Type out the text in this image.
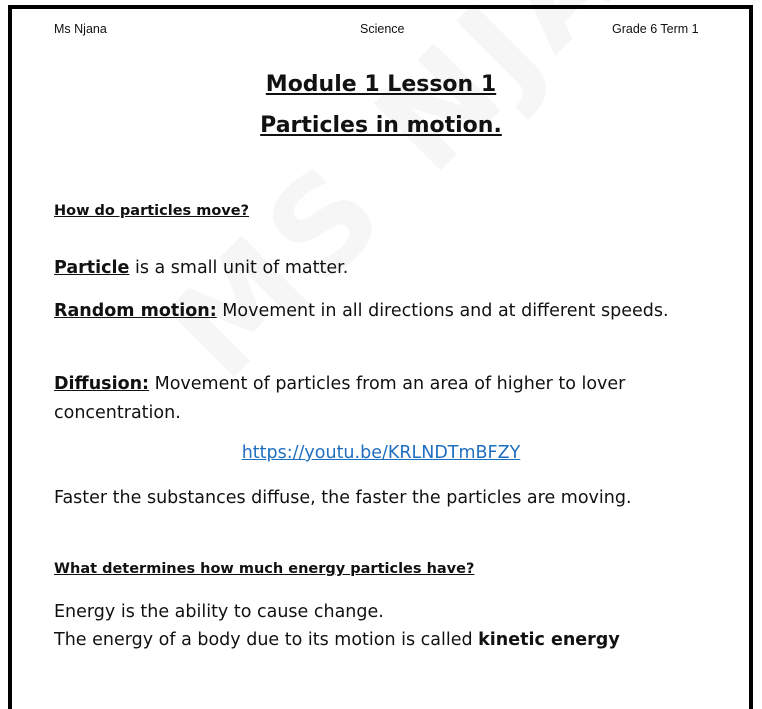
Ms Njana	Science	Grade 6 Term 1
Module 1 Lesson 1
Particles in motion.
How do particles move?
Particle is a small unit of matter.
Random motion: Movement in all directions and at different speeds.
Diffusion: Movement of particles from an area of higher to lover concentration.
https://youtu.be/KRLNDTmBFZY
Faster the substances diffuse, the faster the particles are moving.
What determines how much energy particles have?
Energy is the ability to cause change.
The energy of a body due to its motion is called kinetic energy
